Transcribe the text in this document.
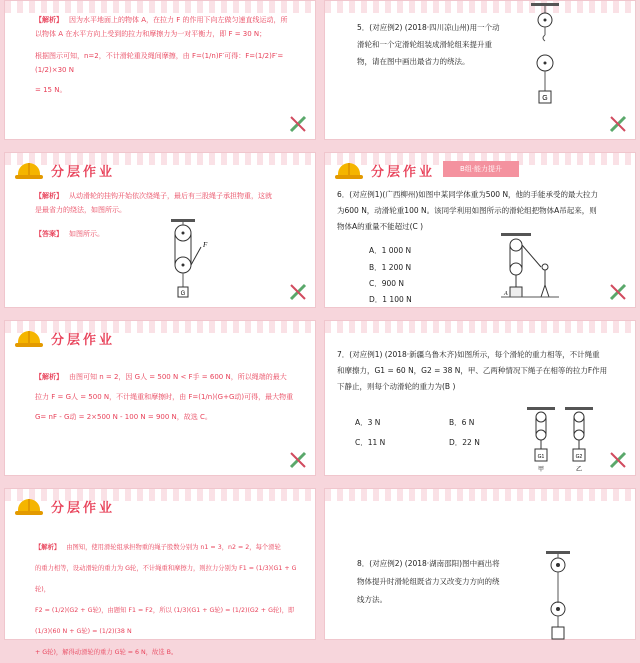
【解析】 因为水平地面上的物体 A，在拉力 F 的作用下向左做匀速直线运动，所
以物体 A 在水平方向上受到的拉力和摩擦力为一对平衡力，即 F = 30 N；
根据图示可知，n=2，不计滑轮重及绳间摩擦，由 F=(1/n)F′可得：F=(1/2)F′=(1/2)×30 N
= 15 N。
5．(对应例2) (2018·四川凉山州)用一个动
滑轮和一个定滑轮组装成滑轮组来提升重
物，请在图中画出最省力的绕法。
G
分层作业
【解析】 从动滑轮的挂钩开始依次绕绳子，最后有三股绳子承担物重，这就
是最省力的绕法，如图所示。
【答案】 如图所示。
F
G
分层作业	B组·能力提升
6．(对应例1)(广西柳州)如图中某同学体重为500 N，他的手能承受的最大拉力
为600 N，动滑轮重100 N。该同学利用如图所示的滑轮组把物体A吊起来，则
物体A的重量不能超过(C )
A．1 000 N
B．1 200 N
C．900 N
D．1 100 N
A
分层作业
【解析】 由图可知 n = 2，因 G人 = 500 N < F手 = 600 N，所以绳端的最大
拉力 F = G人 = 500 N，不计绳重和摩擦时，由 F=(1/n)(G+G动)可得，最大物重
G= nF - G动 = 2×500 N - 100 N = 900 N，故选 C。
7．(对应例1) (2018·新疆乌鲁木齐)如图所示，每个滑轮的重力相等，不计绳重
和摩擦力，G1 = 60 N，G2 = 38 N，甲、乙两种情况下绳子在相等的拉力F作用
下静止，则每个动滑轮的重力为(B )
A．3 N	B．6 N
C．11 N	D．22 N
G1
甲
G2
乙
分层作业
【解析】 由图知，使用滑轮组承担物重的绳子股数分别为 n1 = 3，n2 = 2，每个滑轮
的重力相等，设动滑轮的重力为 G轮，不计绳重和摩擦力，则拉力分别为 F1 = (1/3)(G1 + G轮)，
F2 = (1/2)(G2 + G轮)，由题知 F1 = F2，所以 (1/3)(G1 + G轮) = (1/2)(G2 + G轮)，即 (1/3)(60 N + G轮) = (1/2)(38 N
+ G轮)，解得动滑轮的重力 G轮 = 6 N，故选 B。
8．(对应例2) (2018·湖南邵阳)图中画出将
物体提升时滑轮组既省力又改变力方向的绕
线方法。
